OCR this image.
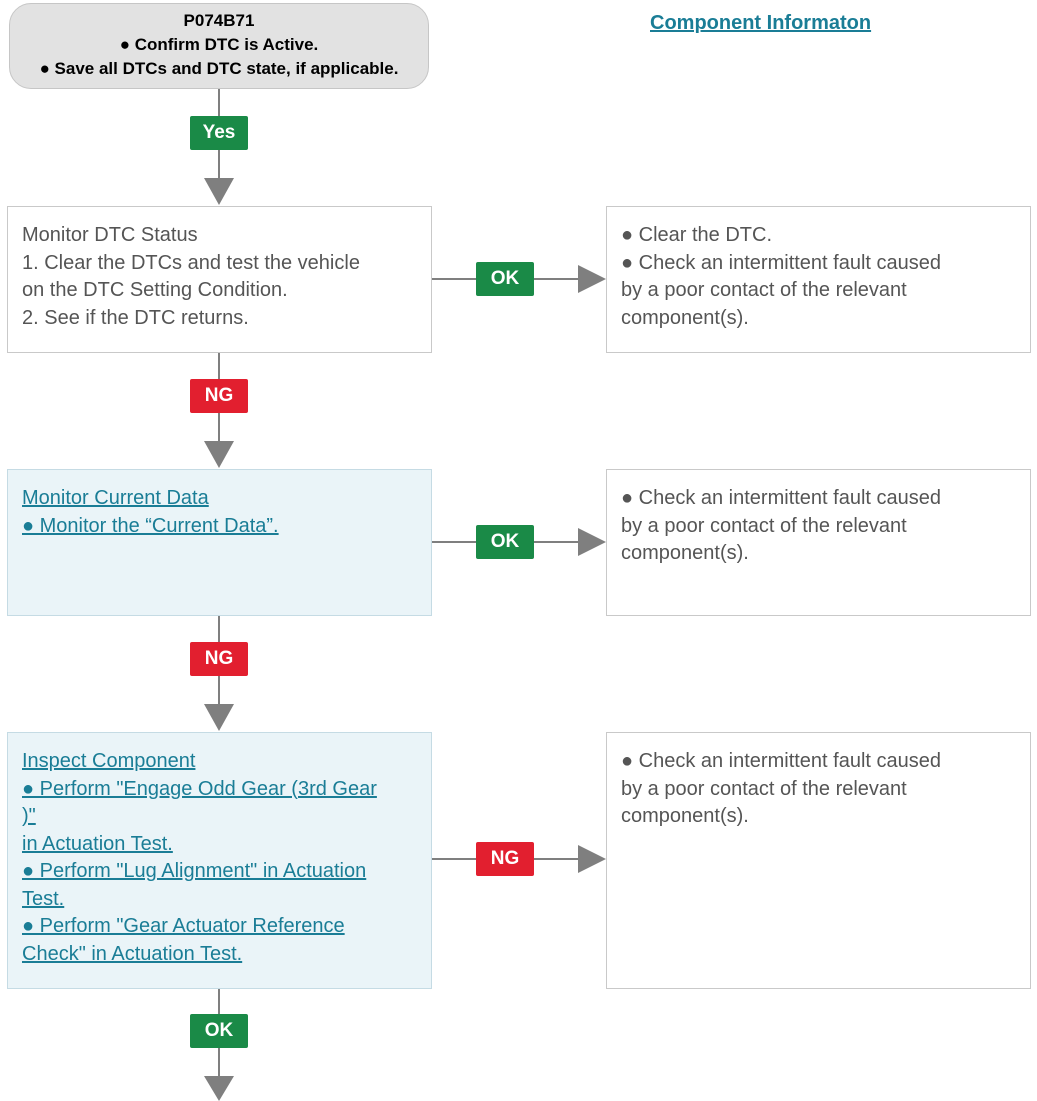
P074B71
● Confirm DTC is Active.
● Save all DTCs and DTC state, if applicable.
Component Informaton
Yes
Monitor DTC Status
1. Clear the DTCs and test the vehicle
on the DTC Setting Condition.
2. See if the DTC returns.
OK
● Clear the DTC.
● Check an intermittent fault caused
by a poor contact of the relevant
component(s).
NG
Monitor Current Data
● Monitor the “Current Data”.
OK
● Check an intermittent fault caused
by a poor contact of the relevant
component(s).
NG
Inspect Component
● Perform "Engage Odd Gear (3rd Gear
)"
in Actuation Test.
● Perform "Lug Alignment" in Actuation
Test.
● Perform "Gear Actuator Reference
Check" in Actuation Test.
NG
● Check an intermittent fault caused
by a poor contact of the relevant
component(s).
OK
